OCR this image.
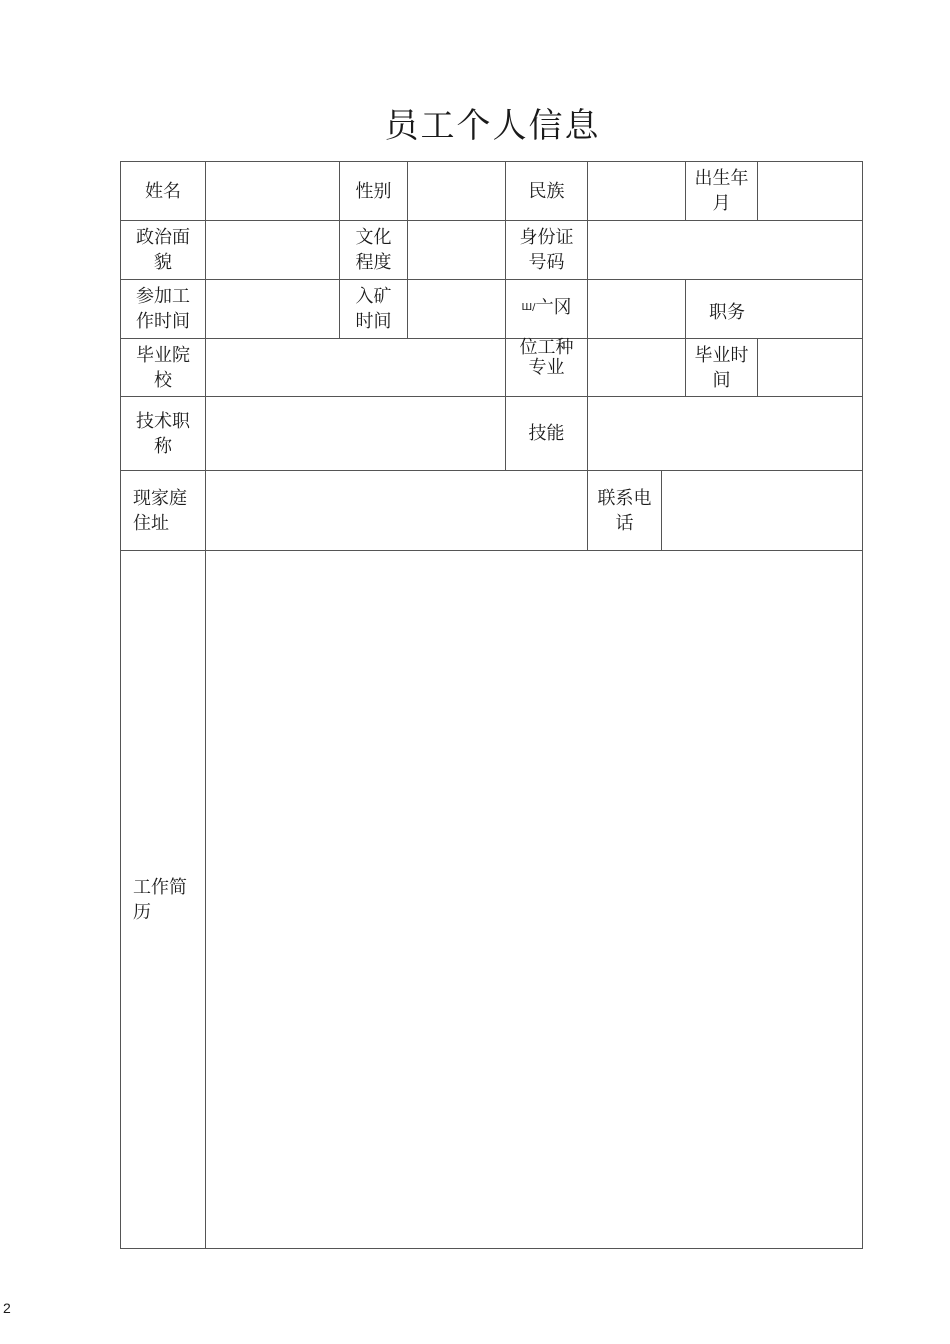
员工个人信息
姓名	性别	民族
出生年
月
政治面
貌
文化
程度
身份证
号码
参加工
作时间
入矿
时间

$^{Ш/}$亠冈

位工种

职务
毕业院
校
专业
毕业时
间
技术职
称
技能
现家庭
住址
联系电
话
工作简
历
2
